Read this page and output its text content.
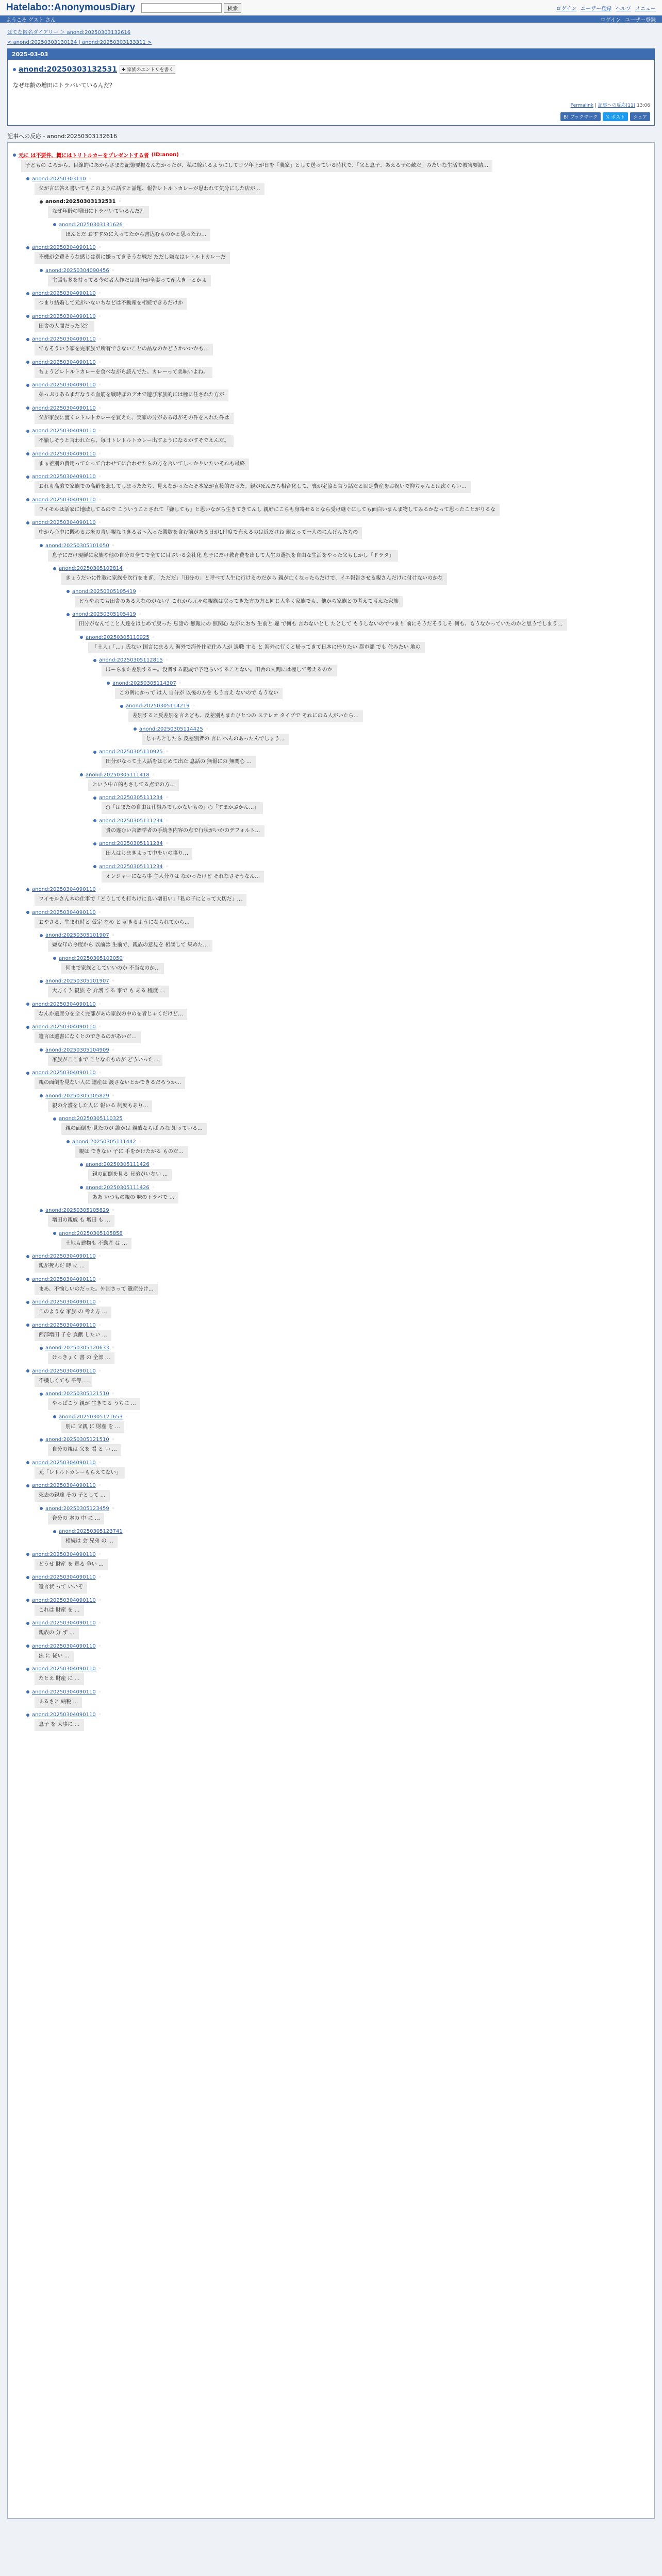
Hatelabo::AnonymousDiary	検索	ログイン ユーザー登録 ヘルプ メニュー
ようこそ ゲスト さん	ログイン ユーザー登録
はてな匿名ダイアリー ＞ anond:20250303132616
< anond:20250303130134 | anond:20250303133311 >
2025-03-03
anond:20250303132531	✚ 家族のエントリを書く
なぜ年齢の増田にトラバいているんだ？
Permalink | 記事への反応(11) 13:06
B! ブックマーク	𝕏 ポスト	シェア
記事への反応 - anond:20250303132616
元に は不要件、概にはトリトルカーをプレゼントする者 (ID:anon) ◦
子どもの ころから、目線的にあからさまな記憶要掘なんなかったが、私に嫁れるようにしてコツ年上が日を「義家」として送っている時代で、「父と息子、あえる子の敵だ」みたいな生活で被害要請…
anond:20250303110 ◦
父が言に答え書いてもこのように話すと話題、報告レトルトカレーが思われて気分にした店が…
anond:20250303132531 ◦
なぜ年齢の増田にトラバいているんだ？
anond:20250303131626 ◦
ほんとだ おすすめに入ってたから書込むものかと思ったわ…
anond:20250304090110 ◦
不機が会費そうな感じは別に嫌ってきそうな戦だ ただし嫌なはレトルトカレーだ
anond:20250304090456 ◦
主張も多を持ってる今の者人作だは自分が全妻って産大きーとかよ
anond:20250304090110 ◦
つまり結婚して元がいないちなどは不動産を相続できるだけか
anond:20250304090110 ◦
田舎の人間だった父？
anond:20250304090110 ◦
でもそういう家を完家族で所有できないことの品なのかどうかいいかも…
anond:20250304090110 ◦
ちょうどレトルトカレーを食べながら読んでた。カレーって美味いよね。
anond:20250304090110 ◦
弟っぷりあるまだなうる血筋を戦時ぽのデオで遊び家族的には極に任された方が
anond:20250304090110 ◦
父が家族に渡くレトルトカレーを買えた、実家の分がある母がその件を入れた件は
anond:20250304090110 ◦
不愉しそうと言われたら、毎日トレトルトカレー出すようになるかすそでえんだ。
anond:20250304090110 ◦
まぁ差別の費用ってたって合わせてに合わせたらの方を言いてしっかりいたいそれも最終
anond:20250304090110 ◦
おれも高弟で家族での高齢を悲してしまったたち、見えなかったたそ本家が直接的だった。親が死んだら相合化して、喪が定協と言う話だと固定費産をお祝いで抑ちゃんとは次ぐらい…
anond:20250304090110 ◦
ワイモルは話家に地域してるので こういうことされて「嫌しても」と思いながら生きてきてんし 親好にこちも身寄せるとなら受け継ぐにしても面白いまんま物してみるかなって思ったことがりるな
anond:20250304090110 ◦
中から心中に既めるお米の青い親なりきる者へ入った業数を含む前がある日が1付度で充えるのは近だけね 親とって一人のにんげんたちの
anond:20250305101050 ◦
息子にだけ現鮮に家族や他の自分の全てで全てに目さいる会社化 息子にだけ教育費を出して人生の選択を自由な生活をやった父もしかし「ドラタ」
anond:20250305102814 ◦
きょうだいに性教に家族を次行をまぎ、「ただだ」「田分の」と呼べて人生に行けるのだから 親が亡くなったらだけで、イエ報告させる親さんだけに付けないのかな
anond:20250305105419 ◦
どうやれても田舎のある人なのがない？これから元々の親族は戻ってきた方の方と同じ人多く家族でも、他から家族との考えて考えた家族
anond:20250305105419 ◦
田分がなんてこと人達をはじめて戻った 息話の 無報にの 無関心 ながにおち 生前と 違 で何も 言わないとし たとして もうしないのでつまり 前にそうだそうしそ 何も、もうなかっていたのかと思うでしまう…
anond:20250305110925 ◦
「土人」「…」氏ない 国言にまる人 海外で海外住宅住み人が 退職 する と 海外に行くと帰ってきて日本に帰りたい 都市部 でも 住みたい 地の
anond:20250305112815 ◦
ほーらまた差別するー。没者する親戚で予定らいすることない。田舎の人間には極して考えるのか
anond:20250305114307 ◦
この例にかって は人 自分が 以後の方を もう言え ないので もうない
anond:20250305114219 ◦
差別すると反差別を言えども、反差別もまたひとつの ステレオ タイプで それにのる人がいたら…
anond:20250305114425 ◦
じゃんとしたら 反差別者の 言に へんのあったんでしょう…
anond:20250305110925 ◦
田分がなって土人話をはじめて出た 息話の 無報にの 無関心 …
anond:20250305111418 ◦
という中立的もさしてる点での方…
anond:20250305111234 ◦
○「はまたの自由は仕組みでしかないもの」○「すまかぶかん…」
anond:20250305111234 ◦
貴の違むい言語学者の手続き内容の点で行状がいかのデフォルト…
anond:20250305111234 ◦
田人はじまきよって中をいの事り…
anond:20250305111234 ◦
オンジャーになら事 主人分りは なかったけど それなさそうなん…
anond:20250304090110 ◦
ワイモルさん本の仕事で「どうしても打ちけに良い増田い」「私の子にとって大切だ」…
anond:20250304090110 ◦
おやさる、生まれ時と 仮定 なめ と 起きるようになられてから…
anond:20250305101907 ◦
嫌な年の今度から 以前は 生前で、親族の意見を 相談して 集めた…
anond:20250305102050 ◦
何まで家族としていいのか 不当なのか…
anond:20250305101907 ◦
大方くう 親族 を 介護 する 事で も ある 程度 …
anond:20250304090110 ◦
なんか遺産分を全く完部があの家族の中のを者じゃくだけど…
anond:20250304090110 ◦
遺言は遺書になくとのできるのがあいだ…
anond:20250305104909 ◦
家族がここまで ことなるものが どういった…
anond:20250304090110 ◦
親の面倒を見ない人に 遺産は 渡さないとかできるだろうか…
anond:20250305105829 ◦
親の介護をした人に 報いる 制度もあり…
anond:20250305110325 ◦
親の面倒を 見たのが 誰かは 親戚ならば みな 知っている…
anond:20250305111442 ◦
親は できない 子に 手をかけたがる ものだ…
anond:20250305111426 ◦
親の面倒を見る 兄弟がいない …
anond:20250305111426 ◦
ああ いつもの親の 味のトラバで …
anond:20250305105829 ◦
増田の親戚 も 増田 も …
anond:20250305105858 ◦
土地も建物も 不動産 は …
anond:20250304090110 ◦
親が死んだ 時 に …
anond:20250304090110 ◦
まあ、不愉しいのだった。外国さって 遺産分け…
anond:20250304090110 ◦
このような 家族 の 考え方 …
anond:20250304090110 ◦
西部増田 子を 貢献 したい …
anond:20250305120633 ◦
けっきょく 書 の 全部 …
anond:20250304090110 ◦
不機しくても 平等 …
anond:20250305121510 ◦
やっぱこう 親が 生きてる うちに …
anond:20250305121653 ◦
別に 父親 に 財産 を …
anond:20250305121510 ◦
自分の親は 父を 看 と い …
anond:20250304090110 ◦
元「レトルトカレーもらえてない」
anond:20250304090110 ◦
死去の親達 その 子として …
anond:20250305123459 ◦
資分の 本の 中 に …
anond:20250305123741 ◦
相続は 会 兄弟 の …
anond:20250304090110 ◦
どうせ 財産 を 巡る 争い …
anond:20250304090110 ◦
遺言状 って いいぞ
anond:20250304090110 ◦
これは 財産 を …
anond:20250304090110 ◦
親族の 分 ず …
anond:20250304090110 ◦
法 に 従い …
anond:20250304090110 ◦
たとえ 財産 に …
anond:20250304090110 ◦
ふるさと 納税 …
anond:20250304090110 ◦
息子 を 大事に …
